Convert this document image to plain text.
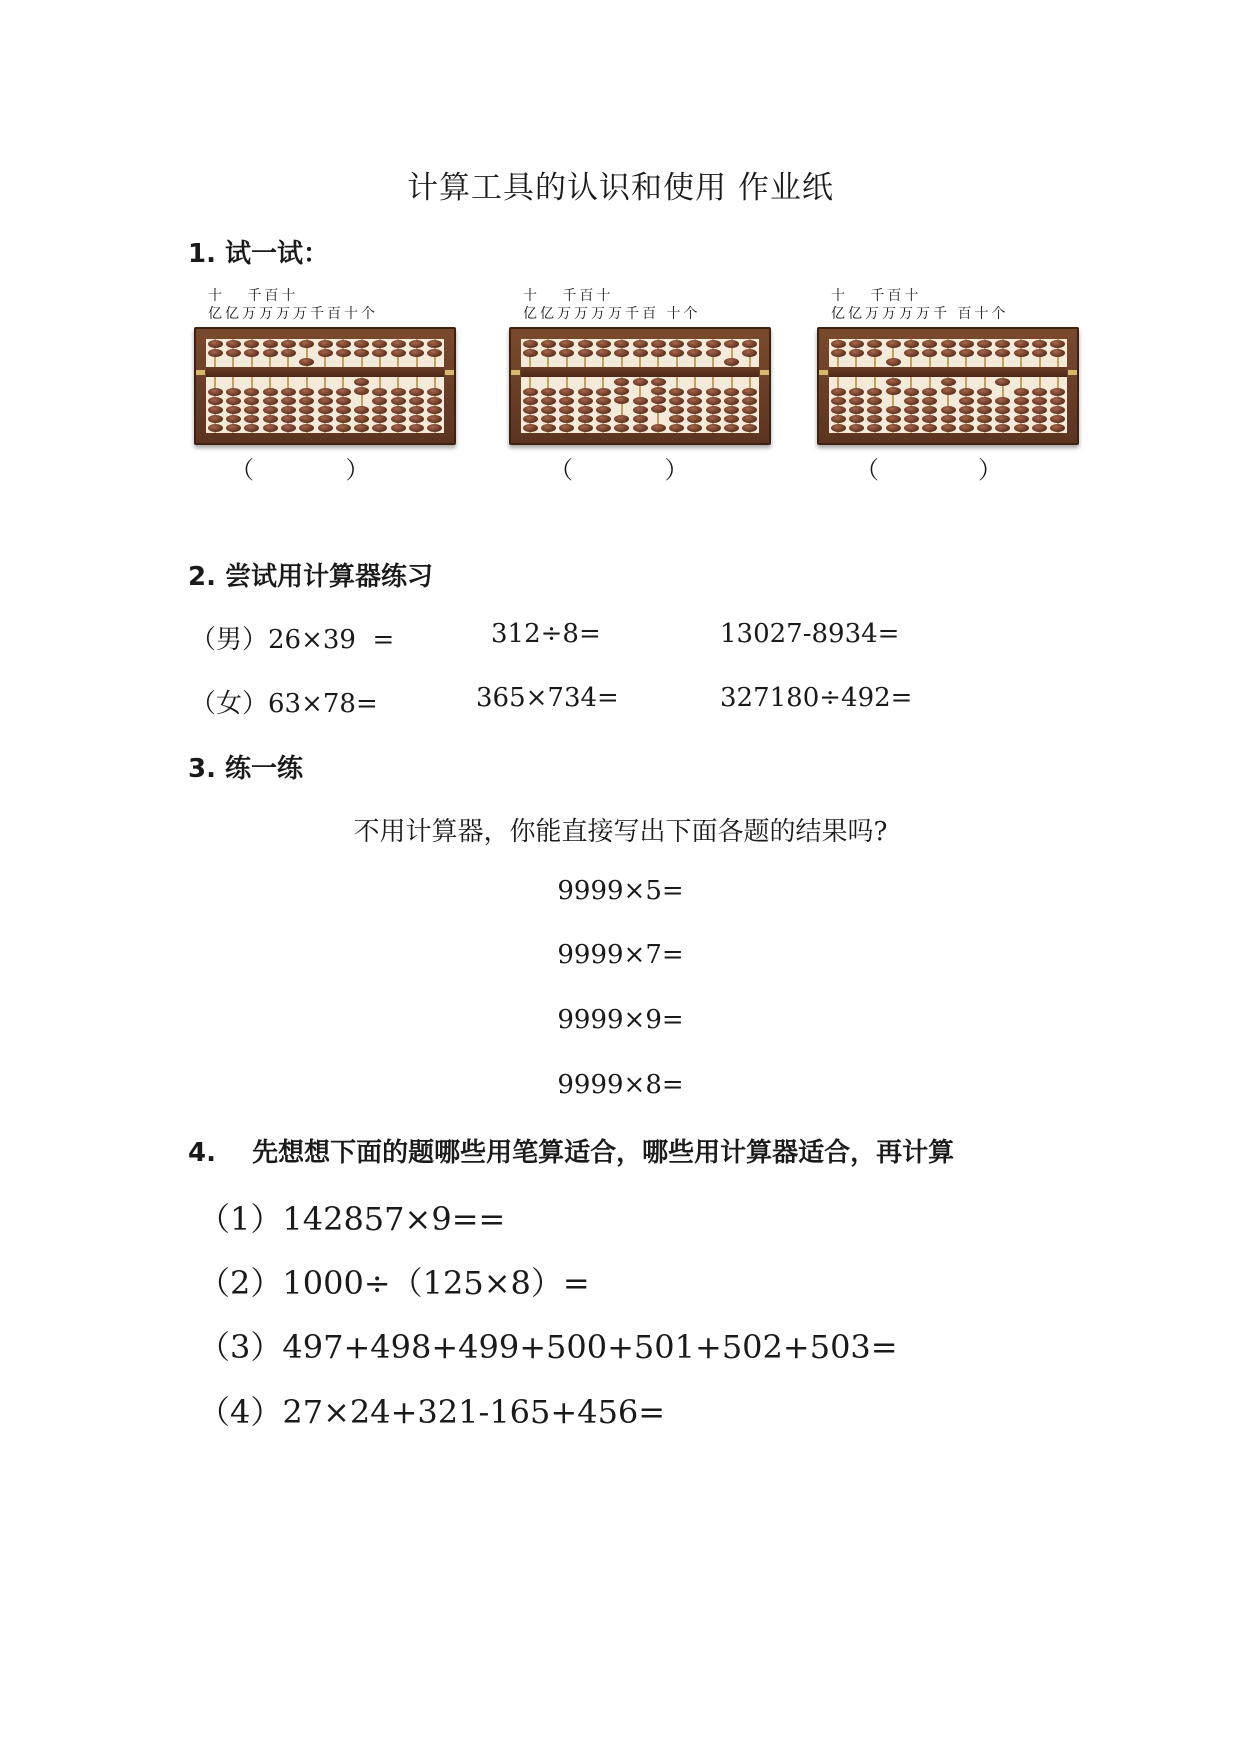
计算工具的认识和使用 作业纸
1. 试一试：
十   千百十
亿亿万万万万千百十个
十   千百十
亿亿万万万万千百 十个
十   千百十
亿亿万万万万千 百十个
（            ）	（            ）	（             ）
2. 尝试用计算器练习
（男）26×39  =	312÷8=	13027-8934=
（女）63×78=	365×734=	327180÷492=
3. 练一练
不用计算器，你能直接写出下面各题的结果吗?
9999×5=
9999×7=
9999×9=
9999×8=
4.    先想想下面的题哪些用笔算适合，哪些用计算器适合，再计算
（1）142857×9==
（2）1000÷（125×8）=
（3）497+498+499+500+501+502+503=
（4）27×24+321-165+456=
